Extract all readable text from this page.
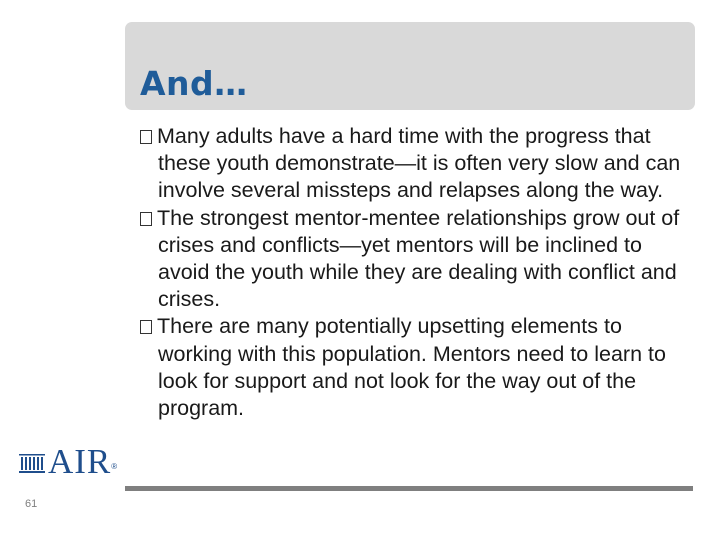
And…
Many adults have a hard time with the progress that these youth demonstrate—it is often very slow and can involve several missteps and relapses along the way.
The strongest mentor-mentee relationships grow out of crises and conflicts—yet mentors will be inclined to avoid the youth while they are dealing with conflict and crises.
There are many potentially upsetting elements to working with this population. Mentors need to learn to look for support and not look for the way out of the program.
AIR ®
61
